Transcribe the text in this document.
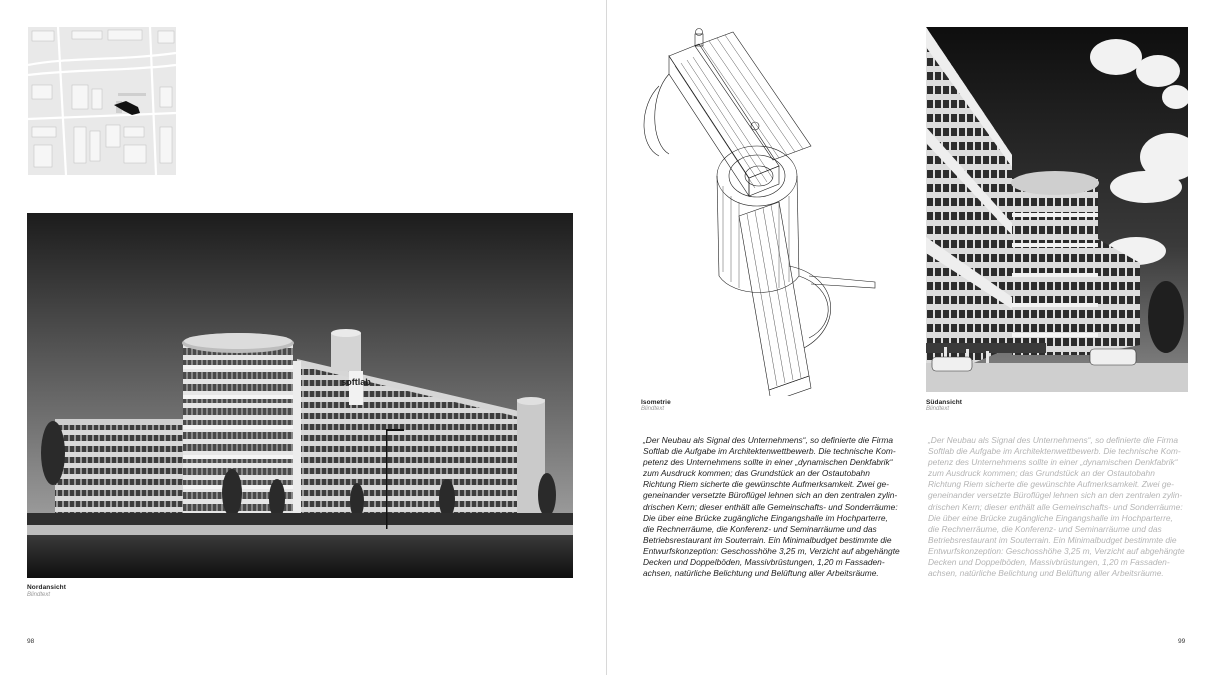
softlab
Nordansicht
Blindtext
98
Isometrie
Blindtext
Südansicht
Blindtext
„Der Neubau als Signal des Unternehmens“, so definierte die Firma
Softlab die Aufgabe im Architektenwettbewerb. Die technische Kom-
petenz des Unternehmens sollte in einer „dynamischen Denkfabrik“
zum Ausdruck kommen; das Grundstück an der Ostautobahn
Richtung Riem sicherte die gewünschte Aufmerksamkeit. Zwei ge-
geneinander versetzte Büroflügel lehnen sich an den zentralen zylin-
drischen Kern; dieser enthält alle Gemeinschafts- und Sonderräume:
Die über eine Brücke zugängliche Eingangshalle im Hochparterre,
die Rechnerräume, die Konferenz- und Seminarräume und das
Betriebsrestaurant im Souterrain. Ein Minimalbudget bestimmte die
Entwurfskonzeption: Geschosshöhe 3,25 m, Verzicht auf abgehängte
Decken und Doppelböden, Massivbrüstungen, 1,20 m Fassaden-
achsen, natürliche Belichtung und Belüftung aller Arbeitsräume.
„Der Neubau als Signal des Unternehmens“, so definierte die Firma
Softlab die Aufgabe im Architektenwettbewerb. Die technische Kom-
petenz des Unternehmens sollte in einer „dynamischen Denkfabrik“
zum Ausdruck kommen; das Grundstück an der Ostautobahn
Richtung Riem sicherte die gewünschte Aufmerksamkeit. Zwei ge-
geneinander versetzte Büroflügel lehnen sich an den zentralen zylin-
drischen Kern; dieser enthält alle Gemeinschafts- und Sonderräume:
Die über eine Brücke zugängliche Eingangshalle im Hochparterre,
die Rechnerräume, die Konferenz- und Seminarräume und das
Betriebsrestaurant im Souterrain. Ein Minimalbudget bestimmte die
Entwurfskonzeption: Geschosshöhe 3,25 m, Verzicht auf abgehängte
Decken und Doppelböden, Massivbrüstungen, 1,20 m Fassaden-
achsen, natürliche Belichtung und Belüftung aller Arbeitsräume.
99
